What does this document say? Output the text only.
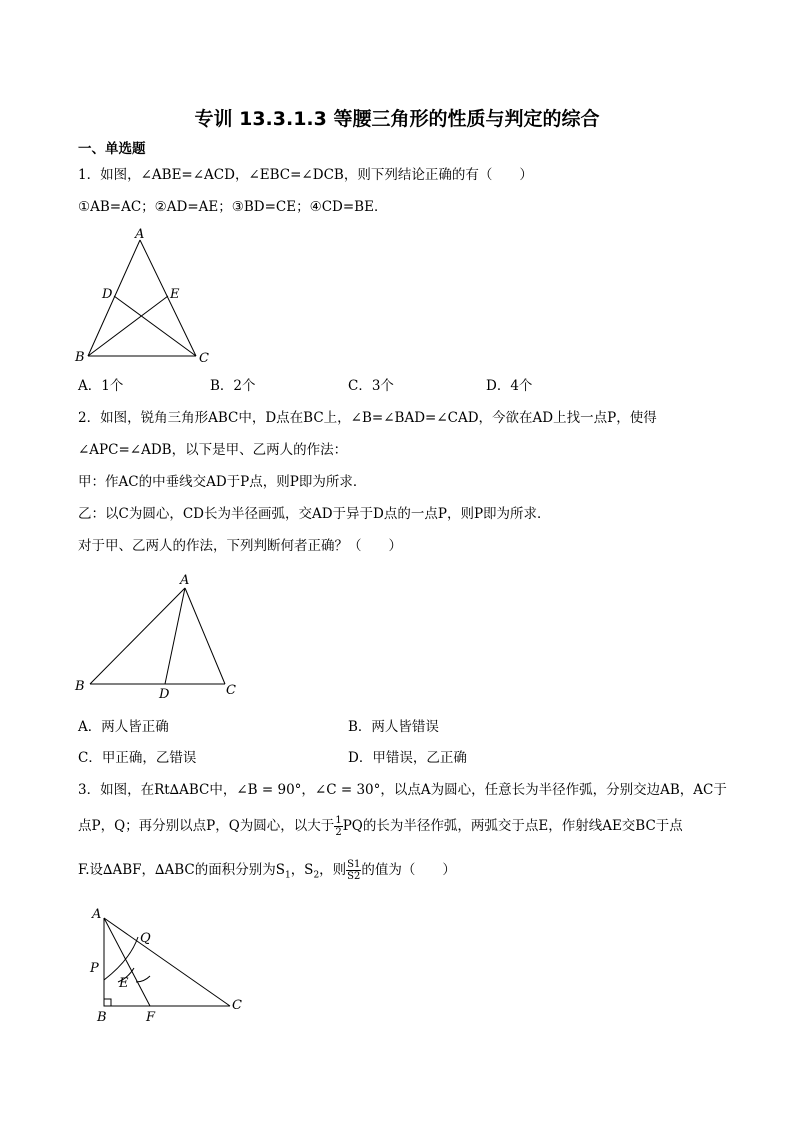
专训 13.3.1.3 等腰三角形的性质与判定的综合
一、单选题
1．如图，∠ABE=∠ACD，∠EBC=∠DCB，则下列结论正确的有（　　）
①AB=AC；②AD=AE；③BD=CE；④CD=BE．
A
B	C
D	E
A．1个	B．2个	C．3个	D．4个
2．如图，锐角三角形ABC中，D点在BC上，∠B=∠BAD=∠CAD，今欲在AD上找一点P，使得
∠APC=∠ADB，以下是甲、乙两人的作法：
甲：作AC的中垂线交AD于P点，则P即为所求．
乙：以C为圆心，CD长为半径画弧，交AD于异于D点的一点P，则P即为所求．
对于甲、乙两人的作法，下列判断何者正确？（　　）
A
B
D	C
A．两人皆正确	B．两人皆错误
C．甲正确，乙错误	D．甲错误，乙正确
3．如图，在Rt∆ABC中，∠B = 90°，∠C = 30°，以点A为圆心，任意长为半径作弧，分别交边AB，AC于
点P，Q；再分别以点P，Q为圆心，以大于 $\frac{1}{2}$ PQ的长为半径作弧，两弧交于点E，作射线AE交BC于点
F.设∆ABF，∆ABC的面积分别为$S_1$，$S_2$，则 $\frac{S1}{S2}$ 的值为（　　）
A
Q
P
E
B	F
C
